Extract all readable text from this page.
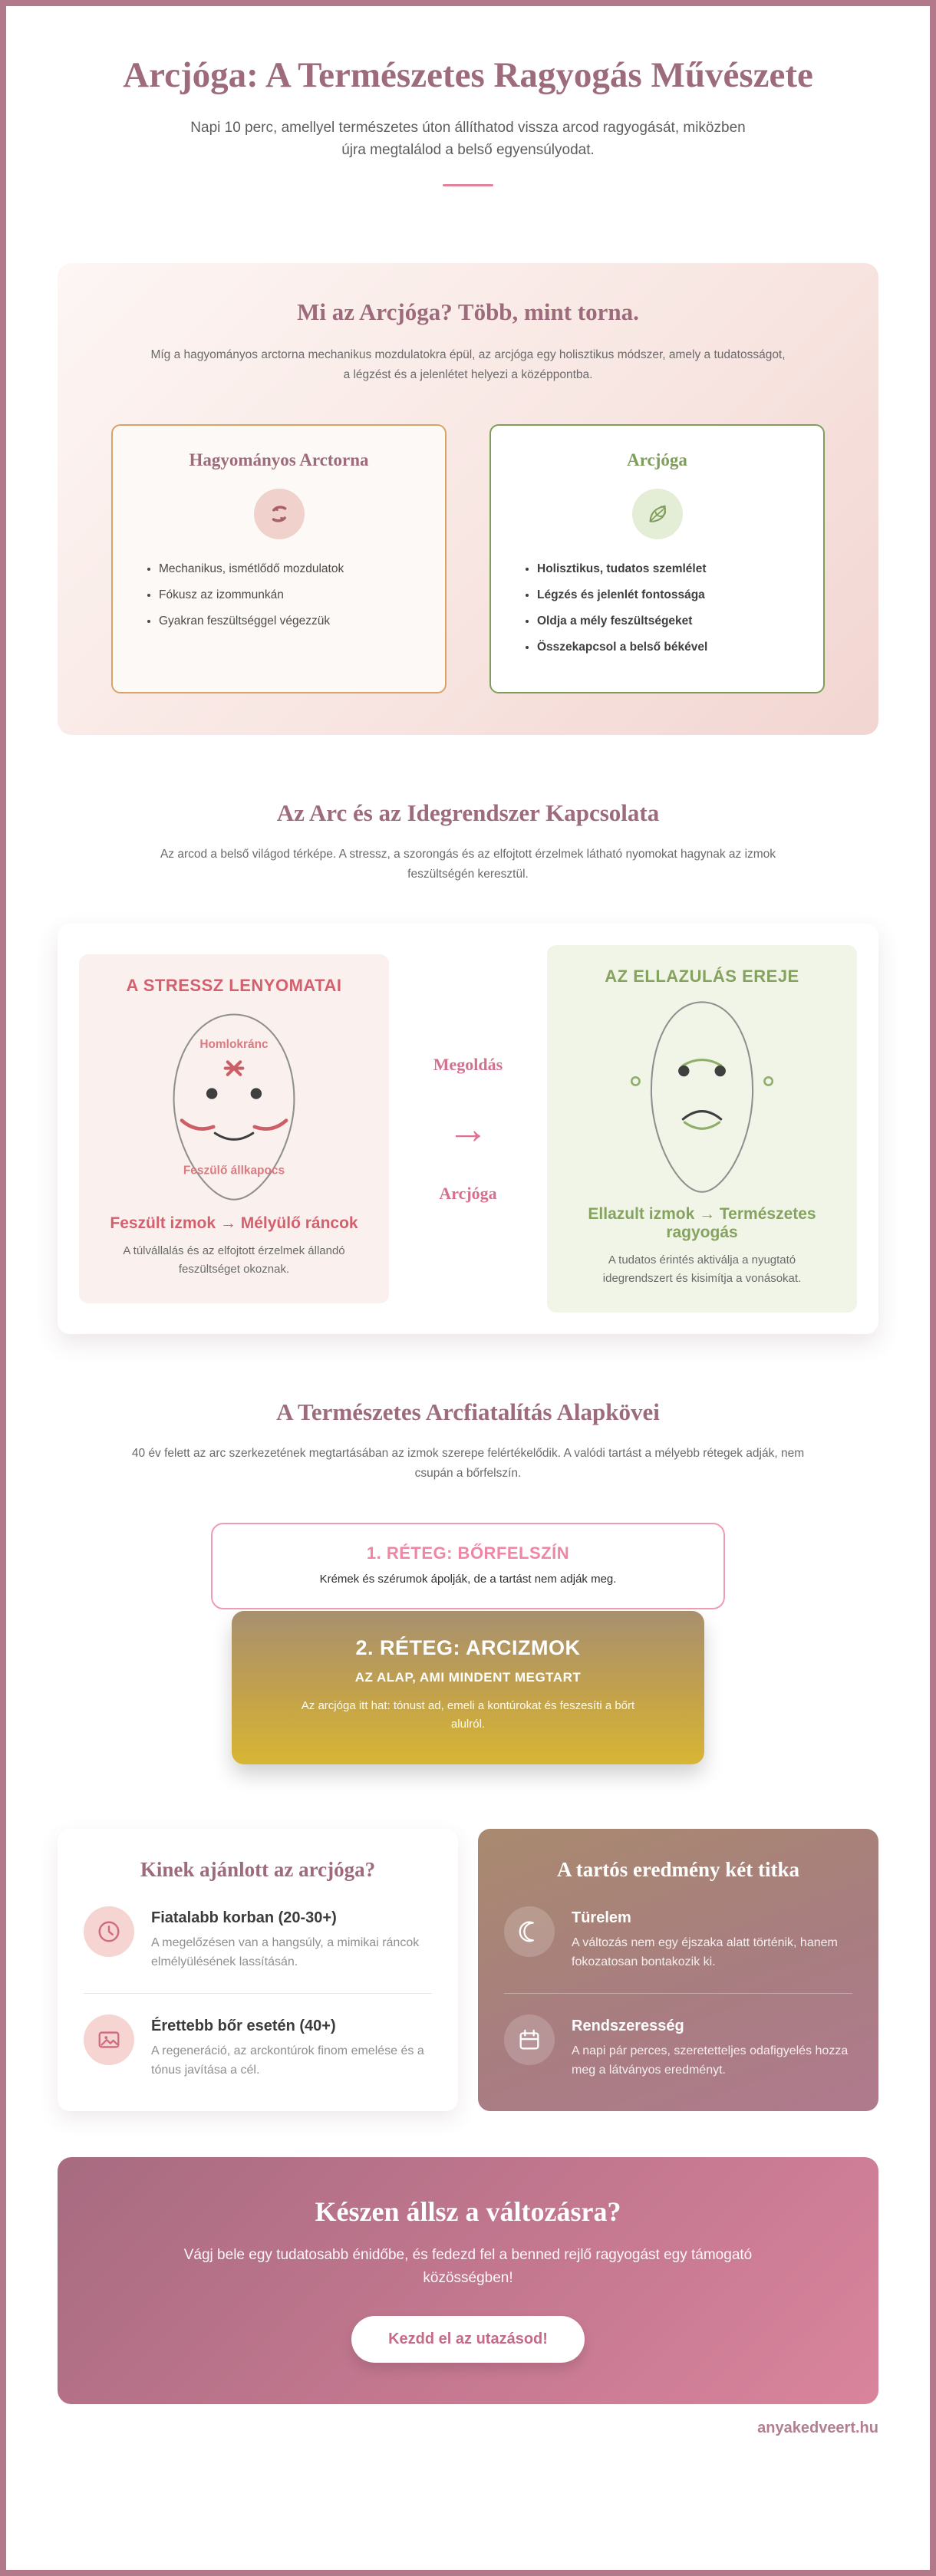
Arcjóga: A Természetes Ragyogás Művészete

Napi 10 perc, amellyel természetes úton állíthatod vissza arcod ragyogását, miközben újra megtalálod a belső egyensúlyodat.

Mi az Arcjóga? Több, mint torna.

Míg a hagyományos arctorna mechanikus mozdulatokra épül, az arcjóga egy holisztikus módszer, amely a tudatosságot, a légzést és a jelenlétet helyezi a középpontba.

Hagyományos Arctorna
• Mechanikus, ismétlődő mozdulatok
• Fókusz az izommunkán
• Gyakran feszültséggel végezzük
Arcjóga
• Holisztikus, tudatos szemlélet
• Légzés és jelenlét fontossága
• Oldja a mély feszültségeket
• Összekapcsol a belső békével
Az Arc és az Idegrendszer Kapcsolata

Az arcod a belső világod térképe. A stressz, a szorongás és az elfojtott érzelmek látható nyomokat hagynak az izmok feszültségén keresztül.

A STRESSZ LENYOMATAI
Homlokránc
Feszülő állkapocs
Feszült izmok → Mélyülő ráncok

A túlvállalás és az elfojtott érzelmek állandó feszültséget okoznak.

Megoldás
→
Arcjóga
AZ ELLAZULÁS EREJE
Ellazult izmok → Természetes ragyogás

A tudatos érintés aktiválja a nyugtató idegrendszert és kisimítja a vonásokat.

A Természetes Arcfiatalítás Alapkövei

40 év felett az arc szerkezetének megtartásában az izmok szerepe felértékelődik. A valódi tartást a mélyebb rétegek adják, nem csupán a bőrfelszín.

1. RÉTEG: BŐRFELSZÍN

Krémek és szérumok ápolják, de a tartást nem adják meg.

2. RÉTEG: ARCIZMOK
AZ ALAP, AMI MINDENT MEGTART

Az arcjóga itt hat: tónust ad, emeli a kontúrokat és feszesíti a bőrt alulról.

Kinek ajánlott az arcjóga?
Fiatalabb korban (20-30+)

A megelőzésen van a hangsúly, a mimikai ráncok elmélyülésének lassításán.

Érettebb bőr esetén (40+)

A regeneráció, az arckontúrok finom emelése és a tónus javítása a cél.

A tartós eredmény két titka
Türelem

A változás nem egy éjszaka alatt történik, hanem fokozatosan bontakozik ki.

Rendszeresség

A napi pár perces, szeretetteljes odafigyelés hozza meg a látványos eredményt.

Készen állsz a változásra?

Vágj bele egy tudatosabb énidőbe, és fedezd fel a benned rejlő ragyogást egy támogató közösségben!

Kezdd el az utazásod!
anyakedveert.hu
